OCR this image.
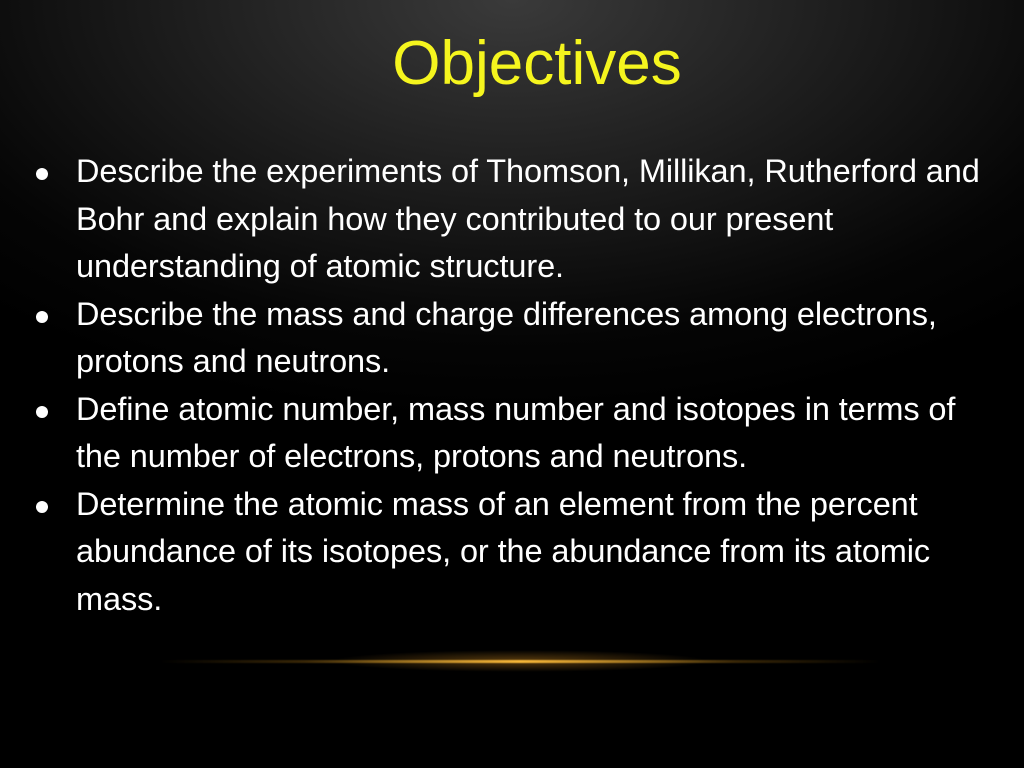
Objectives
Describe the experiments of Thomson, Millikan, Rutherford and Bohr and explain how they contributed to our present understanding of atomic structure.
Describe the mass and charge differences among electrons, protons and neutrons.
Define atomic number, mass number and isotopes in terms of the number of electrons, protons and neutrons.
Determine the atomic mass of an element from the percent abundance of its isotopes, or the abundance from its atomic mass.
